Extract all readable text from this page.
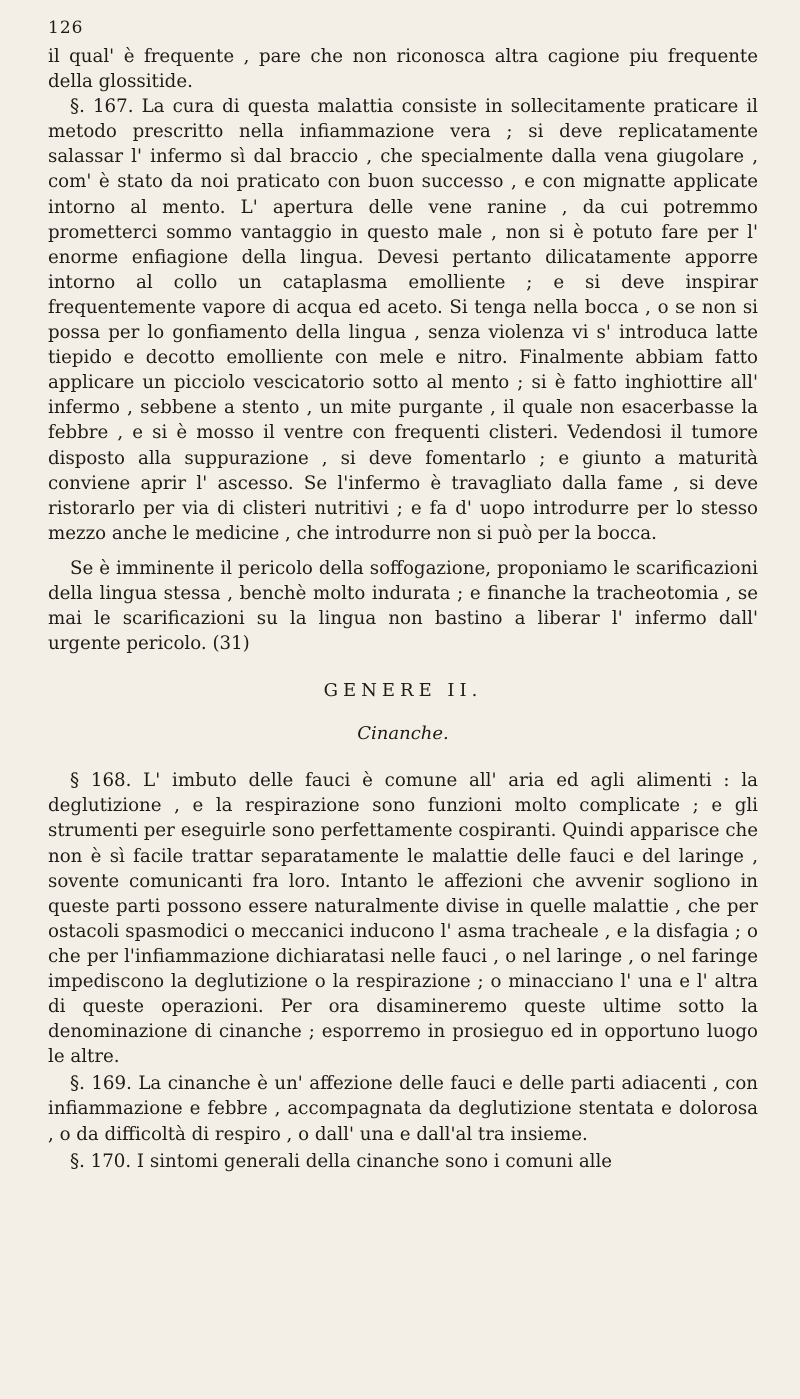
126

il qual' è frequente , pare che non riconosca altra cagione piu frequente della glossitide.

§. 167. La cura di questa malattia consiste in sollecitamente praticare il metodo prescritto nella infiammazione vera ; si deve replicatamente salassar l' infermo sì dal braccio , che specialmente dalla vena giugolare , com' è stato da noi praticato con buon successo , e con mignatte applicate intorno al mento. L' apertura delle vene ranine , da cui potremmo prometterci sommo vantaggio in questo male , non si è potuto fare per l' enorme enfiagione della lingua. Devesi pertanto dilicatamente apporre intorno al collo un cataplasma emolliente ; e si deve inspirar frequentemente vapore di acqua ed aceto. Si tenga nella bocca , o se non si possa per lo gonfiamento della lingua , senza violenza vi s' introduca latte tiepido e decotto emolliente con mele e nitro. Finalmente abbiam fatto applicare un picciolo vescicatorio sotto al mento ; si è fatto inghiottire all' infermo , sebbene a stento , un mite purgante , il quale non esacerbasse la febbre , e si è mosso il ventre con frequenti clisteri. Vedendosi il tumore disposto alla suppurazione , si deve fomentarlo ; e giunto a maturità conviene aprir l' ascesso. Se l'infermo è travagliato dalla fame , si deve ristorarlo per via di clisteri nutritivi ; e fa d' uopo introdurre per lo stesso mezzo anche le medicine , che introdurre non si può per la bocca.

Se è imminente il pericolo della soffogazione, proponiamo le scarificazioni della lingua stessa , benchè molto indurata ; e finanche la tracheotomia , se mai le scarificazioni su la lingua non bastino a liberar l' infermo dall' urgente pericolo. (31)

GENERE II.
Cinanche.

§ 168. L' imbuto delle fauci è comune all' aria ed agli alimenti : la deglutizione , e la respirazione sono funzioni molto complicate ; e gli strumenti per eseguirle sono perfettamente cospiranti. Quindi apparisce che non è sì facile trattar separatamente le malattie delle fauci e del laringe , sovente comunicanti fra loro. Intanto le affezioni che avvenir sogliono in queste parti possono essere naturalmente divise in quelle malattie , che per ostacoli spasmodici o meccanici inducono l' asma tracheale , e la disfagia ; o che per l'infiammazione dichiaratasi nelle fauci , o nel laringe , o nel faringe impediscono la deglutizione o la respirazione ; o minacciano l' una e l' altra di queste operazioni. Per ora disamineremo queste ultime sotto la denominazione di cinanche ; esporremo in prosieguo ed in opportuno luogo le altre.

§. 169. La cinanche è un' affezione delle fauci e delle parti adiacenti , con infiammazione e febbre , accompagnata da deglutizione stentata e dolorosa , o da difficoltà di respiro , o dall' una e dall'al tra insieme.

§. 170. I sintomi generali della cinanche sono i comuni alle
